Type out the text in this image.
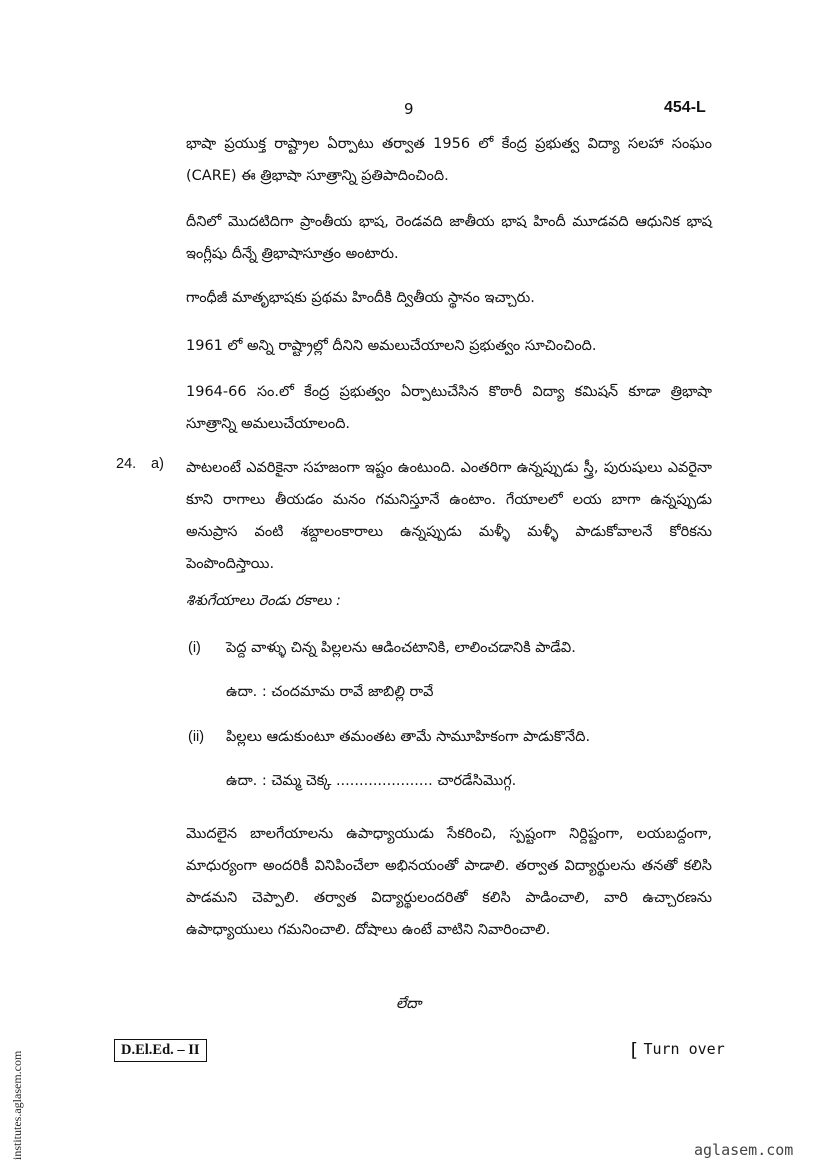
9	454-L

భాషా ప్రయుక్త రాష్ట్రాల ఏర్పాటు తర్వాత 1956 లో కేంద్ర ప్రభుత్వ విద్యా సలహా సంఘం (CARE) ఈ త్రిభాషా సూత్రాన్ని ప్రతిపాదించింది.

దీనిలో మొదటిదిగా ప్రాంతీయ భాష, రెండవది జాతీయ భాష హిందీ మూడవది ఆధునిక భాష ఇంగ్లీషు దీన్నే త్రిభాషాసూత్రం అంటారు.

గాంధీజీ మాతృభాషకు ప్రథమ హిందీకి ద్వితీయ స్థానం ఇచ్చారు.

1961 లో అన్ని రాష్ట్రాల్లో దీనిని అమలుచేయాలని ప్రభుత్వం సూచించింది.

1964-66 సం.లో కేంద్ర ప్రభుత్వం ఏర్పాటుచేసిన కొఠారీ విద్యా కమిషన్ కూడా త్రిభాషా సూత్రాన్ని అమలుచేయాలంది.

24. a) పాటలంటే ఎవరికైనా సహజంగా ఇష్టం ఉంటుంది. ఎంతరిగా ఉన్నప్పుడు స్త్రీ, పురుషులు ఎవరైనా కూని రాగాలు తీయడం మనం గమనిస్తూనే ఉంటాం. గేయాలలో లయ బాగా ఉన్నప్పుడు అనుప్రాస వంటి శబ్దాలంకారాలు ఉన్నప్పుడు మళ్ళీ మళ్ళీ పాడుకోవాలనే కోరికను పెంపొందిస్తాయి.

శిశుగేయాలు రెండు రకాలు :
(i) పెద్ద వాళ్ళు చిన్న పిల్లలను ఆడించటానికి, లాలించడానికి పాడేవి.
ఉదా. : చందమామ రావే జాబిల్లి రావే
(ii) పిల్లలు ఆడుకుంటూ తమంతట తామే సామూహికంగా పాడుకొనేది.
ఉదా. : చెమ్మ చెక్క ..................... చారడేసిమొగ్గ.

మొదలైన బాలగేయాలను ఉపాధ్యాయుడు సేకరించి, స్పష్టంగా నిర్దిష్టంగా, లయబద్దంగా, మాధుర్యంగా అందరికీ వినిపించేలా అభినయంతో పాడాలి. తర్వాత విద్యార్థులను తనతో కలిసి పాడమని చెప్పాలి. తర్వాత విద్యార్థులందరితో కలిసి పాడించాలి, వారి ఉచ్చారణను ఉపాధ్యాయులు గమనించాలి. దోషాలు ఉంటే వాటిని నివారించాలి.

లేదా
D.El.Ed. – II	[ Turn over
institutes.aglasem.com	aglasem.com
